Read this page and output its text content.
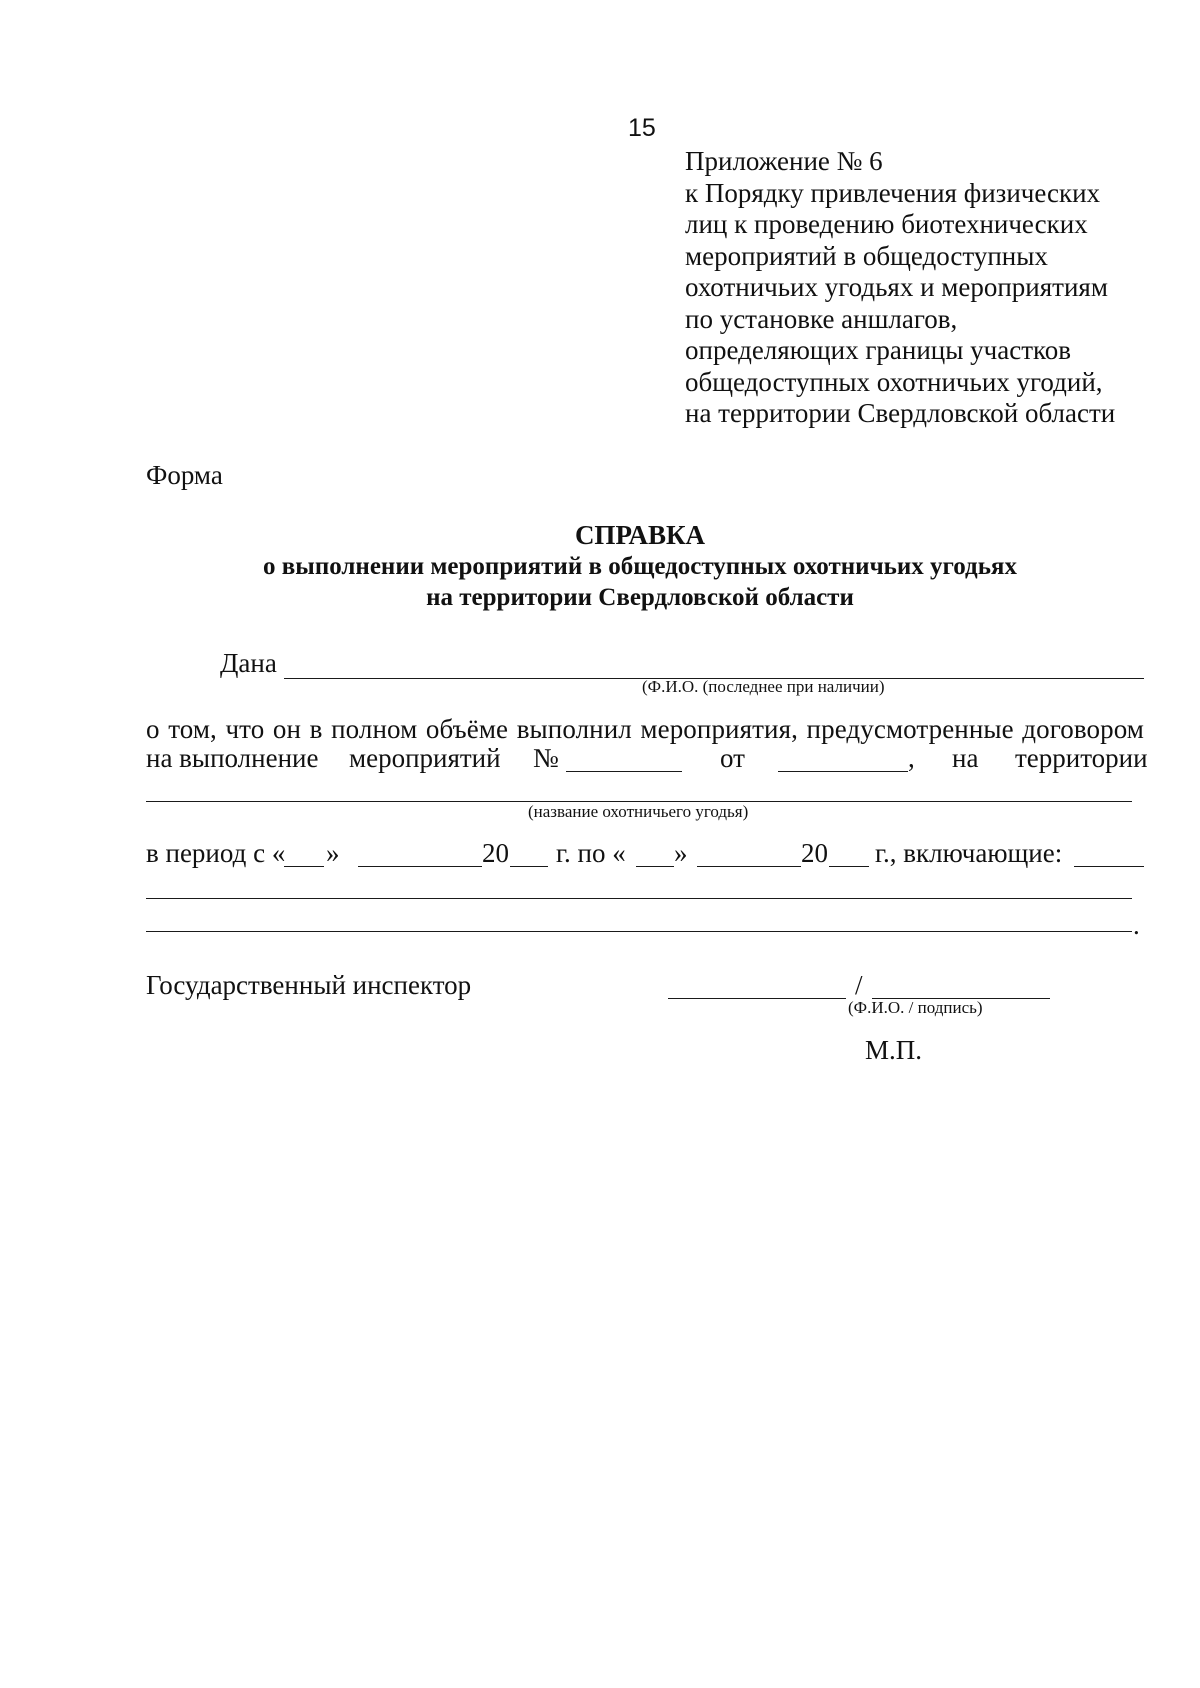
15
Приложение № 6
к Порядку привлечения физических
лиц к проведению биотехнических
мероприятий в общедоступных
охотничьих угодьях и мероприятиям
по установке аншлагов,
определяющих границы участков
общедоступных охотничьих угодий,
на территории Свердловской области
Форма
СПРАВКА
о выполнении мероприятий в общедоступных охотничьих угодьях
на территории Свердловской области
Дана
(Ф.И.О. (последнее при наличии)
о том, что он в полном объёме выполнил мероприятия, предусмотренные договором
на выполнение мероприятий №	от	, на территории
(название охотничьего угодья)
в период с « »	20 г. по « »	20 г., включающие:
.
Государственный инспектор	/
(Ф.И.О. / подпись)
М.П.
